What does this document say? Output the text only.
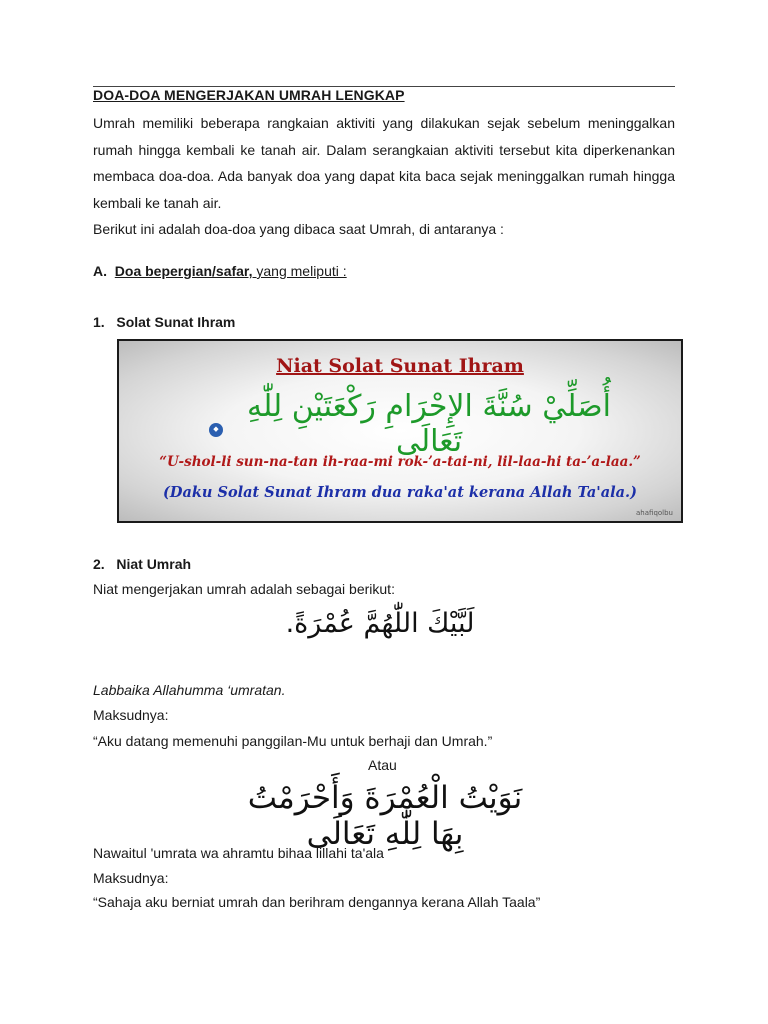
DOA-DOA MENGERJAKAN UMRAH LENGKAP
Umrah memiliki beberapa rangkaian aktiviti yang dilakukan sejak sebelum meninggalkan rumah hingga kembali ke tanah air. Dalam serangkaian aktiviti tersebut kita diperkenankan membaca doa-doa. Ada banyak doa yang dapat kita baca sejak meninggalkan rumah hingga kembali ke tanah air.
Berikut ini adalah doa-doa yang dibaca saat Umrah, di antaranya :
A. Doa bepergian/safar, yang meliputi :
1. Solat Sunat Ihram
Niat Solat Sunat Ihram
◆
أُصَلِّيْ سُنَّةَ الإِحْرَامِ رَكْعَتَيْنِ لِلّٰهِ تَعَالَى
“U-shol-li sun-na-tan ih-raa-mi rok-’a-tai-ni, lil-laa-hi ta-’a-laa.”
(Daku Solat Sunat Ihram dua raka'at kerana Allah Ta'ala.)
ahafiqolbu
2. Niat Umrah
Niat mengerjakan umrah adalah sebagai berikut:
لَبَّيْكَ اللّٰهُمَّ عُمْرَةً.
Labbaika Allahumma ‘umratan.
Maksudnya:
“Aku datang memenuhi panggilan-Mu untuk berhaji dan Umrah.”
Atau
نَوَيْتُ الْعُمْرَةَ وَأَحْرَمْتُ بِهَا لِلّٰهِ تَعَالَى
Nawaitul 'umrata wa ahramtu bihaa lillahi ta'ala
Maksudnya:
“Sahaja aku berniat umrah dan berihram dengannya kerana Allah Taala”
